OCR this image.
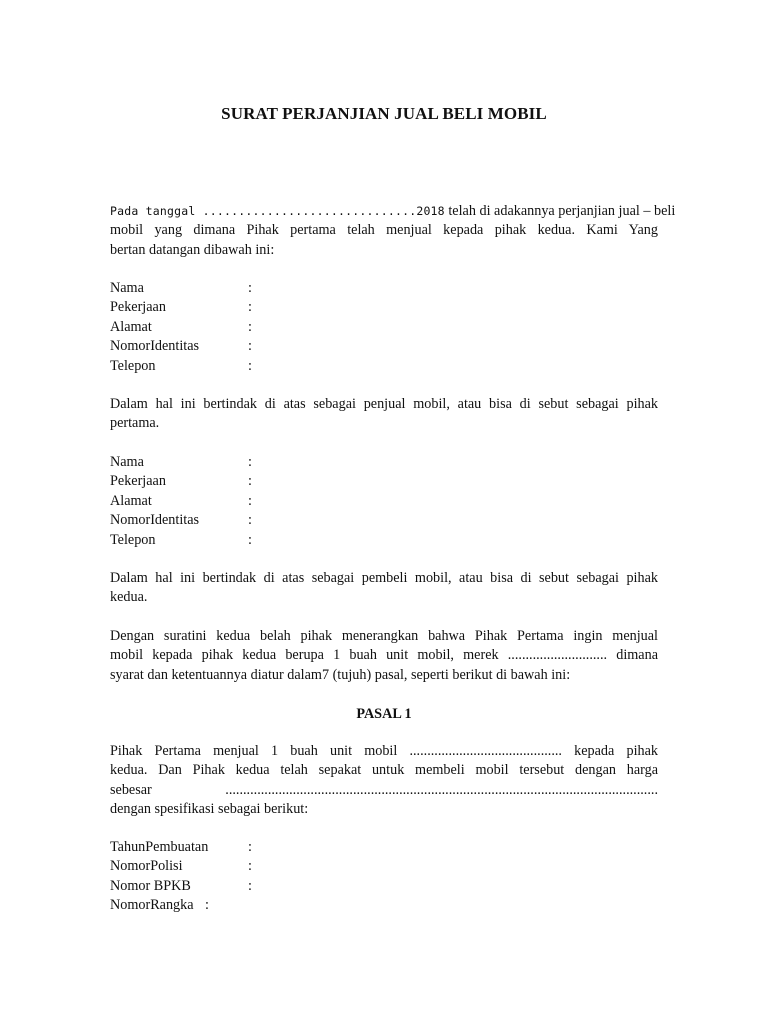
SURAT PERJANJIAN JUAL BELI MOBIL
Pada tanggal ..............................2018 telah di adakannya perjanjian jual – beli
mobil yang dimana Pihak pertama telah menjual kepada pihak kedua. Kami Yang
bertan datangan dibawah ini:
Nama	:
Pekerjaan	:
Alamat	:
NomorIdentitas	:
Telepon	:
Dalam hal ini bertindak di atas sebagai penjual mobil, atau bisa di sebut sebagai pihak
pertama.
Nama	:
Pekerjaan	:
Alamat	:
NomorIdentitas	:
Telepon	:
Dalam hal ini bertindak di atas sebagai pembeli mobil, atau bisa di sebut sebagai pihak
kedua.
Dengan suratini kedua belah pihak menerangkan bahwa Pihak Pertama ingin menjual
mobil kepada pihak kedua berupa 1 buah unit mobil, merek ............................ dimana
syarat dan ketentuannya diatur dalam7 (tujuh) pasal, seperti berikut di bawah ini:
PASAL 1
Pihak Pertama menjual 1 buah unit mobil ........................................... kepada pihak
kedua. Dan Pihak kedua telah sepakat untuk membeli mobil tersebut dengan harga
sebesar ..........................................................................................................................
dengan spesifikasi sebagai berikut:
TahunPembuatan	:
NomorPolisi	:
Nomor BPKB	:
NomorRangka :
